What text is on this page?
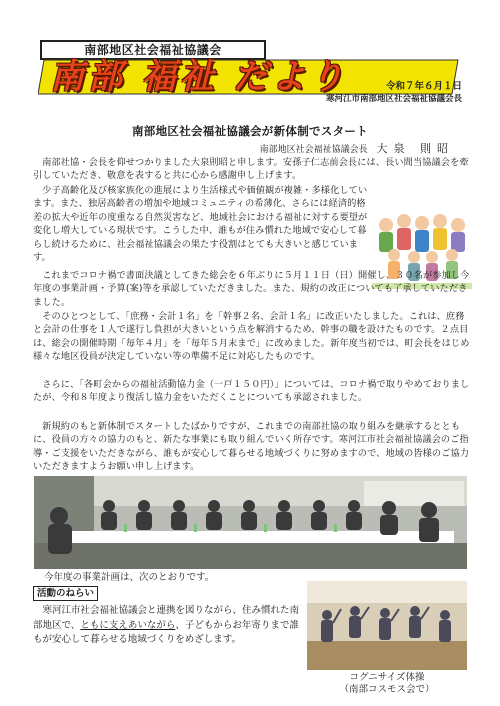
南部地区社会福祉協議会
南部 福祉 だより	令和７年６月１日
寒河江市南部地区社会福祉協議会長
南部地区社会福祉協議会が新体制でスタート
南部地区社会福祉協議会長 大泉 則昭

南部社協・会長を仰せつかりました大泉則昭と申します。安孫子仁志前会長には、長い間当協議会を牽引していただき、敬意を表すると共に心から感謝申し上げます。

少子高齢化及び核家族化の進展により生活様式や価値観が複雑・多様化しています。また、独居高齢者の増加や地域コミュニティの希薄化、さらには経済的格差の拡大や近年の度重なる自然災害など、地域社会における福祉に対する要望が変化し増大している現状です。こうした中、誰もが住み慣れた地域で安心して暮らし続けるために、社会福祉協議会の果たす役割はとても大きいと感じています。

これまでコロナ禍で書面決議としてきた総会を６年ぶりに５月１１日（日）開催し、３０名が参加し今年度の事業計画・予算(案)等を承認していただきました。また、規約の改正についても了承していただきました。

そのひとつとして、「庶務・会計１名」を「幹事２名、会計１名」に改正いたしました。これは、庶務と会計の仕事を１人で遂行し負担が大きいという点を解消するため、幹事の職を設けたものです。２点目は、総会の開催時期「毎年４月」を「毎年５月末まで」に改めました。新年度当初では、町会長をはじめ様々な地区役員が決定していない等の準備不足に対応したものです。

さらに、「各町会からの福祉活動協力金（一戸１５０円）」については、コロナ禍で取りやめておりましたが、令和８年度より復活し協力金をいただくことについても承認されました。

新規約のもと新体制でスタートしたばかりですが、これまでの南部社協の取り組みを継承するとともに、役員の方々の協力のもと、新たな事業にも取り組んでいく所存です。寒河江市社会福祉協議会のご指導・ご支援をいただきながら、誰もが安心して暮らせる地域づくりに努めますので、地域の皆様のご協力いただきますようお願い申し上げます。

今年度の事業計画は、次のとおりです。
活動のねらい

寒河江市社会福祉協議会と連携を図りながら、住み慣れた南部地区で、ともに支えあいながら、子どもからお年寄りまで誰もが安心して暮らせる地域づくりをめざします。

コグニサイズ体操
（南部コスモス会で）
